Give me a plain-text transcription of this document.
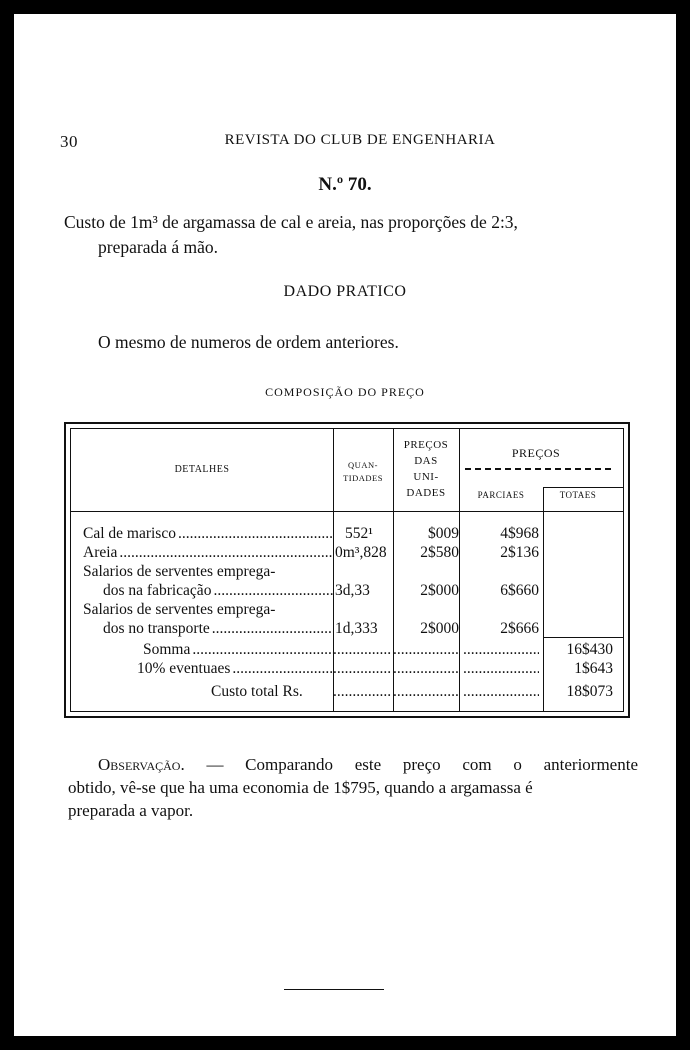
30	REVISTA DO CLUB DE ENGENHARIA
N.º 70.
Custo de 1m³ de argamassa de cal e areia, nas proporções de 2:3,
preparada á mão.
DADO PRATICO
O mesmo de numeros de ordem anteriores.
COMPOSIÇÃO DO PREÇO
DETALHES	QUAN-
TIDADES
PREÇOS
DAS
UNI-
DADES
PREÇOS
PARCIAES	TOTAES
Cal de marisco .....	552¹	$009	4$968
Areia .....	0m³,828	2$580	2$136
Salarios de serventes emprega-
dos na fabricação .....	3d,33	2$000	6$660
Salarios de serventes emprega-
dos no transporte .....	1d,333	2$000	2$666
Somma ..... ..... ..... .....	16$430
10% eventuaes ..... ..... ..... .....	1$643
Custo total Rs. ..... ..... .....	18$073
Observação. — Comparando este preço com o anteriormente
obtido, vê-se que ha uma economia de 1$795, quando a argamassa é
preparada a vapor.
